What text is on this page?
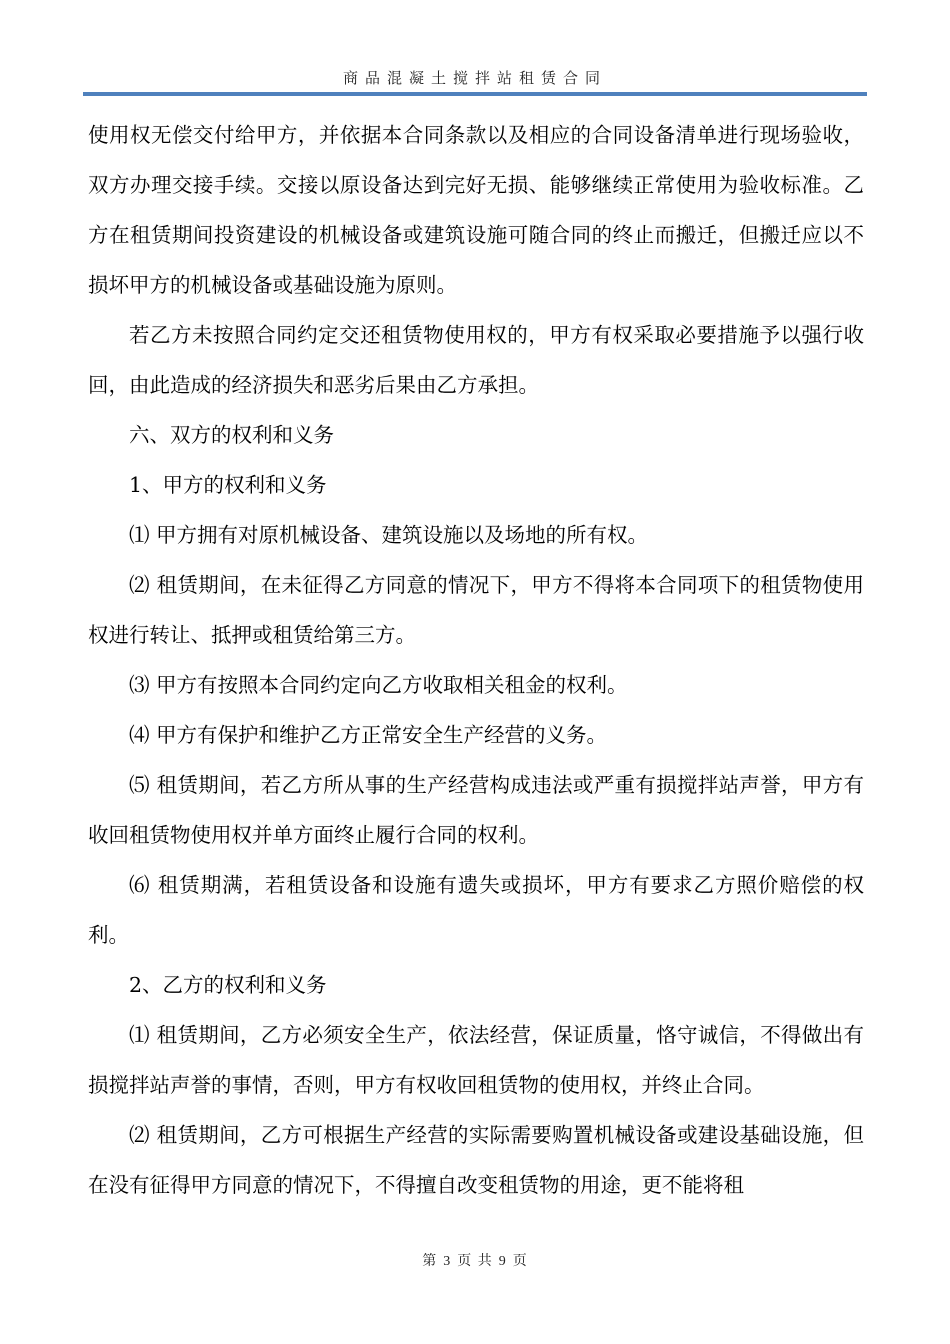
商品混凝土搅拌站租赁合同

使用权无偿交付给甲方，并依据本合同条款以及相应的合同设备清单进行现场验收，双方办理交接手续。交接以原设备达到完好无损、能够继续正常使用为验收标准。乙方在租赁期间投资建设的机械设备或建筑设施可随合同的终止而搬迁，但搬迁应以不损坏甲方的机械设备或基础设施为原则。

若乙方未按照合同约定交还租赁物使用权的，甲方有权采取必要措施予以强行收回，由此造成的经济损失和恶劣后果由乙方承担。

六、双方的权利和义务

1、甲方的权利和义务

⑴ 甲方拥有对原机械设备、建筑设施以及场地的所有权。

⑵ 租赁期间，在未征得乙方同意的情况下，甲方不得将本合同项下的租赁物使用权进行转让、抵押或租赁给第三方。

⑶ 甲方有按照本合同约定向乙方收取相关租金的权利。

⑷ 甲方有保护和维护乙方正常安全生产经营的义务。

⑸ 租赁期间，若乙方所从事的生产经营构成违法或严重有损搅拌站声誉，甲方有收回租赁物使用权并单方面终止履行合同的权利。

⑹ 租赁期满，若租赁设备和设施有遗失或损坏，甲方有要求乙方照价赔偿的权利。

2、乙方的权利和义务

⑴ 租赁期间，乙方必须安全生产，依法经营，保证质量，恪守诚信，不得做出有损搅拌站声誉的事情，否则，甲方有权收回租赁物的使用权，并终止合同。

⑵ 租赁期间，乙方可根据生产经营的实际需要购置机械设备或建设基础设施，但在没有征得甲方同意的情况下，不得擅自改变租赁物的用途，更不能将租

第 3 页 共 9 页
